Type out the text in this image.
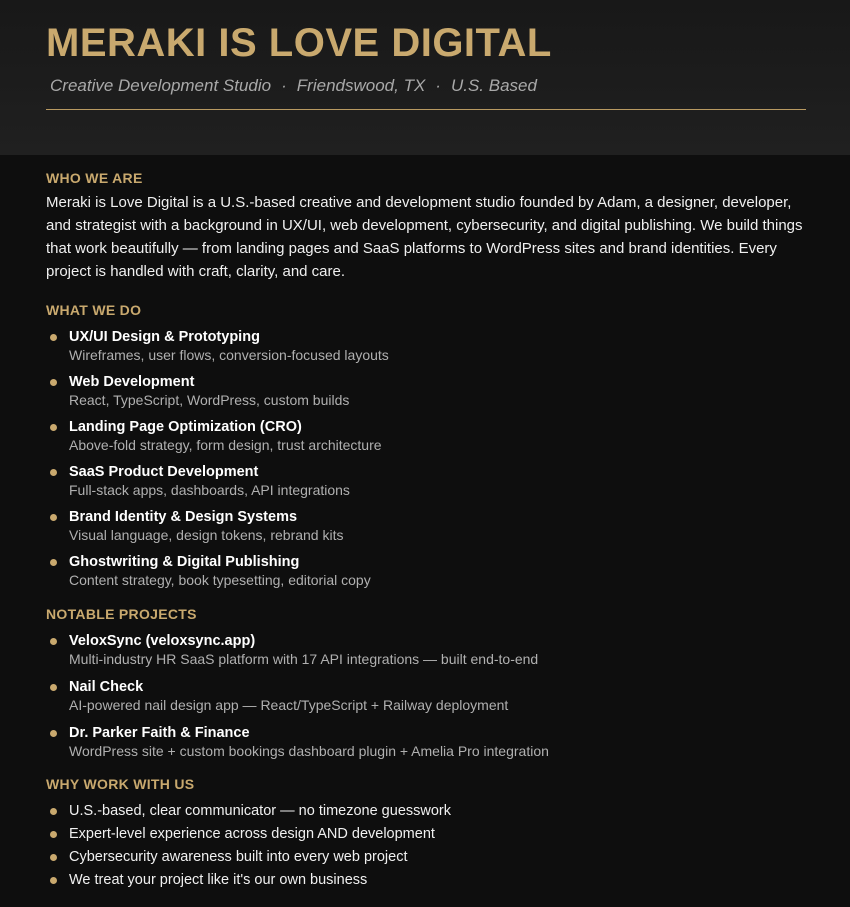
MERAKI IS LOVE DIGITAL
Creative Development Studio · Friendswood, TX · U.S. Based
WHO WE ARE

Meraki is Love Digital is a U.S.-based creative and development studio founded by Adam, a designer, developer, and strategist with a background in UX/UI, web development, cybersecurity, and digital publishing. We build things that work beautifully — from landing pages and SaaS platforms to WordPress sites and brand identities. Every project is handled with craft, clarity, and care.

WHAT WE DO
UX/UI Design & Prototyping
Wireframes, user flows, conversion-focused layouts
Web Development
React, TypeScript, WordPress, custom builds
Landing Page Optimization (CRO)
Above-fold strategy, form design, trust architecture
SaaS Product Development
Full-stack apps, dashboards, API integrations
Brand Identity & Design Systems
Visual language, design tokens, rebrand kits
Ghostwriting & Digital Publishing
Content strategy, book typesetting, editorial copy
NOTABLE PROJECTS
VeloxSync (veloxsync.app)
Multi-industry HR SaaS platform with 17 API integrations — built end-to-end
Nail Check
AI-powered nail design app — React/TypeScript + Railway deployment
Dr. Parker Faith & Finance
WordPress site + custom bookings dashboard plugin + Amelia Pro integration
WHY WORK WITH US
U.S.-based, clear communicator — no timezone guesswork
Expert-level experience across design AND development
Cybersecurity awareness built into every web project
We treat your project like it's our own business
